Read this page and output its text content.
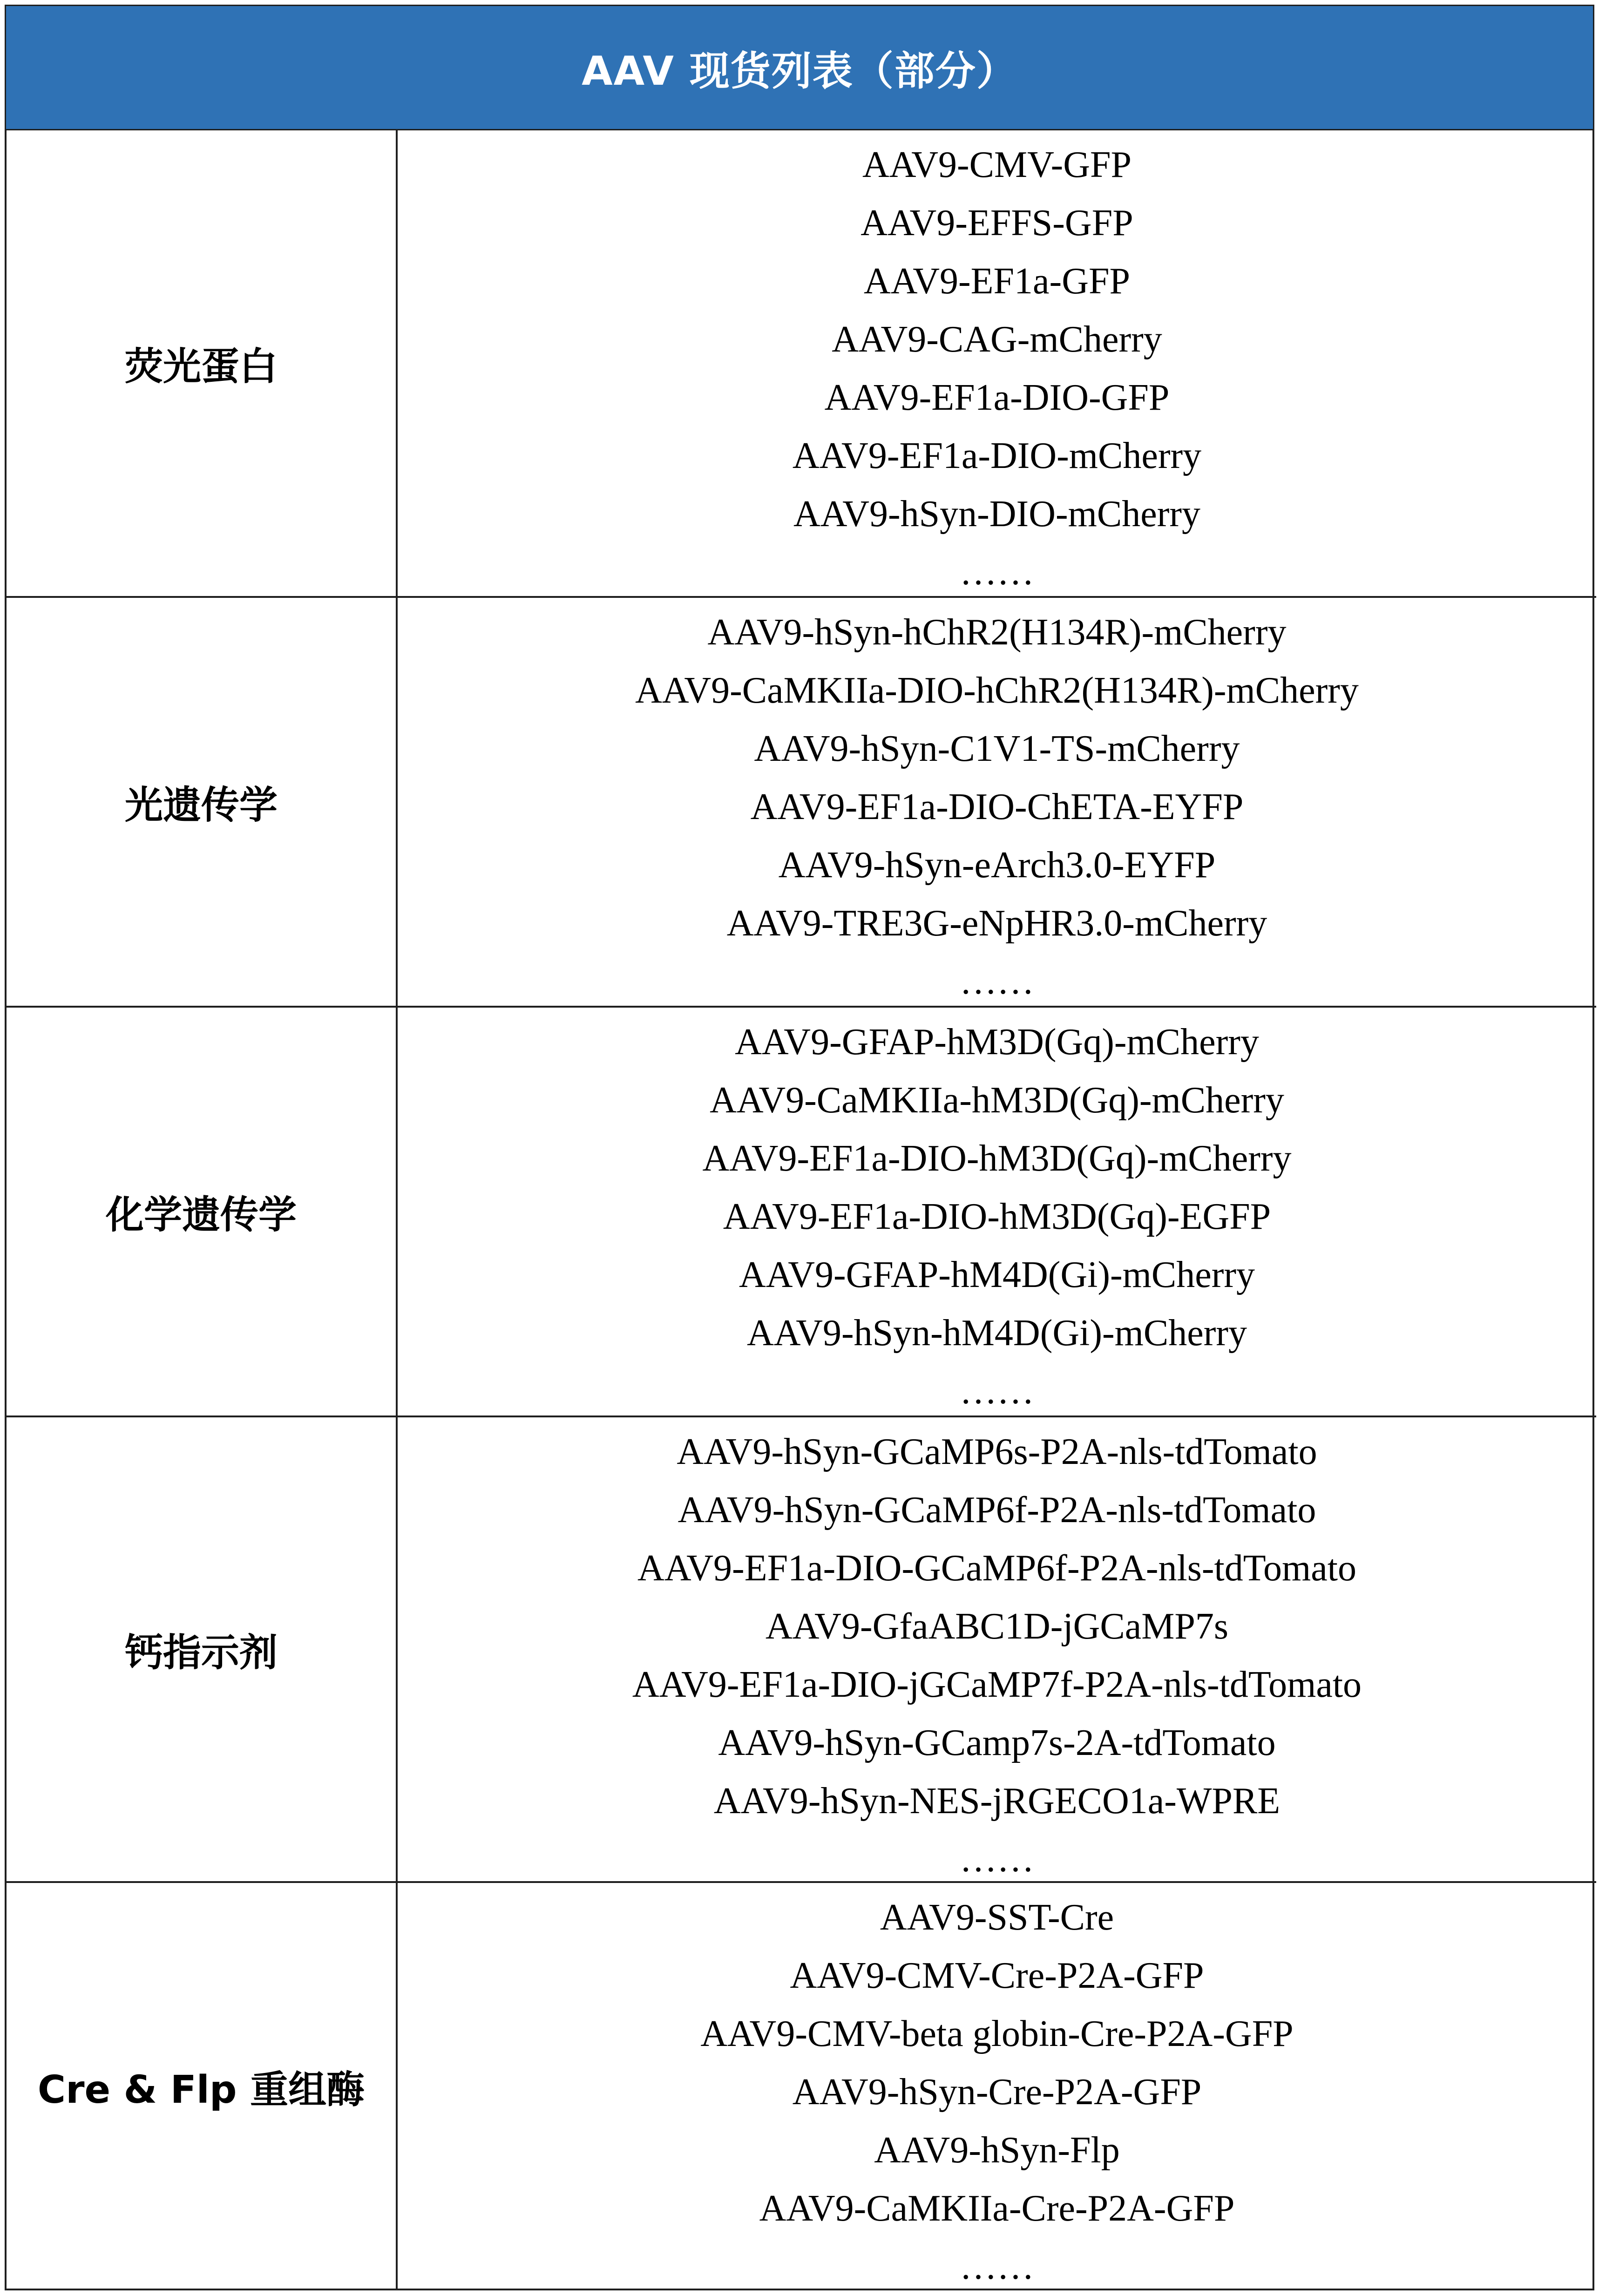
AAV 现货列表（部分）
荧光蛋白
AAV9-CMV-GFP
AAV9-EFFS-GFP
AAV9-EF1a-GFP
AAV9-CAG-mCherry
AAV9-EF1a-DIO-GFP
AAV9-EF1a-DIO-mCherry
AAV9-hSyn-DIO-mCherry
……
光遗传学
AAV9-hSyn-hChR2(H134R)-mCherry
AAV9-CaMKIIa-DIO-hChR2(H134R)-mCherry
AAV9-hSyn-C1V1-TS-mCherry
AAV9-EF1a-DIO-ChETA-EYFP
AAV9-hSyn-eArch3.0-EYFP
AAV9-TRE3G-eNpHR3.0-mCherry
……
化学遗传学
AAV9-GFAP-hM3D(Gq)-mCherry
AAV9-CaMKIIa-hM3D(Gq)-mCherry
AAV9-EF1a-DIO-hM3D(Gq)-mCherry
AAV9-EF1a-DIO-hM3D(Gq)-EGFP
AAV9-GFAP-hM4D(Gi)-mCherry
AAV9-hSyn-hM4D(Gi)-mCherry
……
钙指示剂
AAV9-hSyn-GCaMP6s-P2A-nls-tdTomato
AAV9-hSyn-GCaMP6f-P2A-nls-tdTomato
AAV9-EF1a-DIO-GCaMP6f-P2A-nls-tdTomato
AAV9-GfaABC1D-jGCaMP7s
AAV9-EF1a-DIO-jGCaMP7f-P2A-nls-tdTomato
AAV9-hSyn-GCamp7s-2A-tdTomato
AAV9-hSyn-NES-jRGECO1a-WPRE
……
Cre & Flp 重组酶
AAV9-SST-Cre
AAV9-CMV-Cre-P2A-GFP
AAV9-CMV-beta globin-Cre-P2A-GFP
AAV9-hSyn-Cre-P2A-GFP
AAV9-hSyn-Flp
AAV9-CaMKIIa-Cre-P2A-GFP
……
